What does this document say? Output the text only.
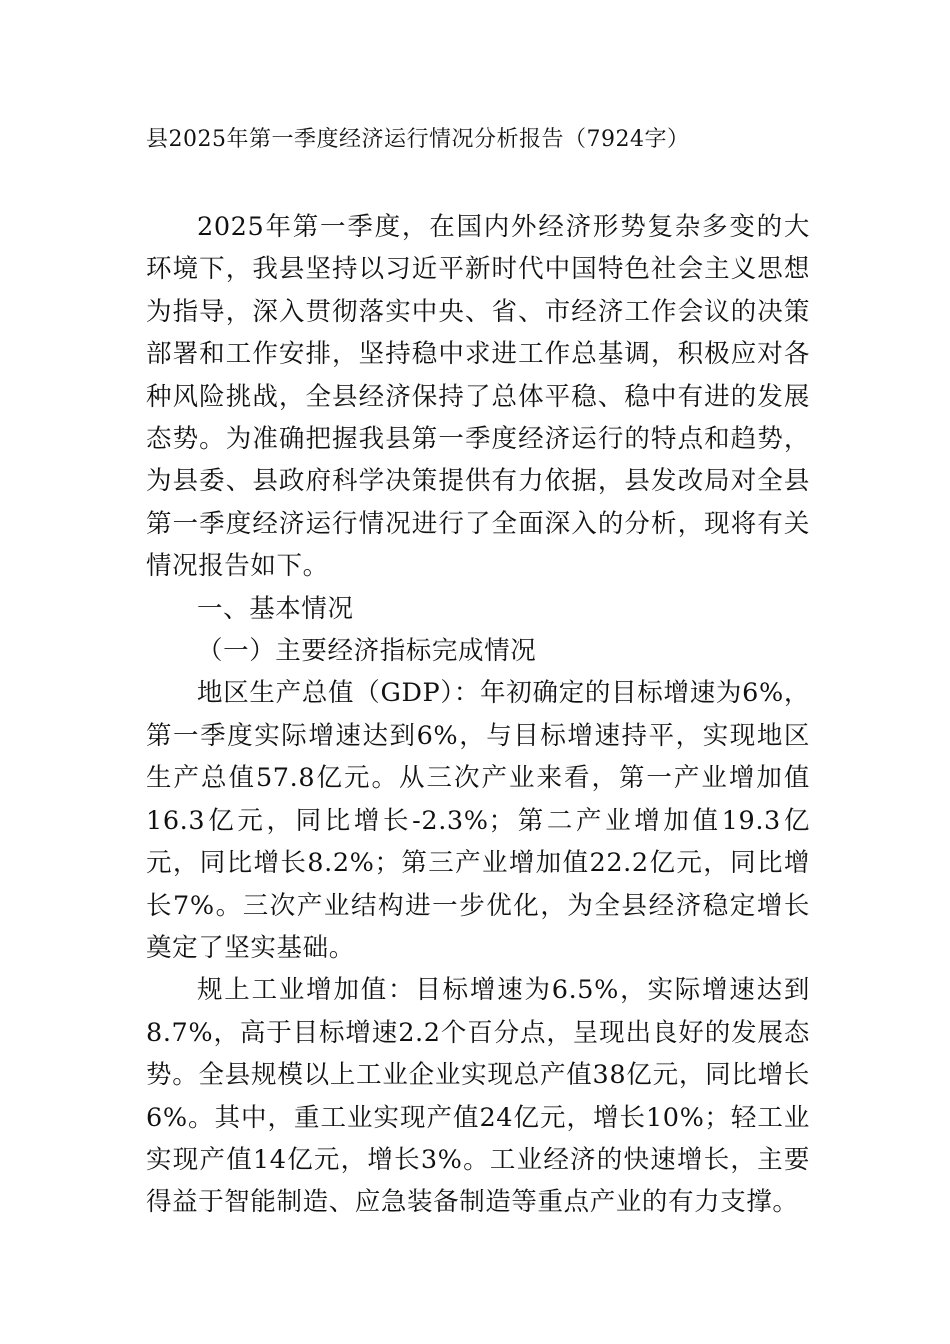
县2025年第一季度经济运行情况分析报告（7924字）

2025年第一季度，在国内外经济形势复杂多变的大环境下，我县坚持以习近平新时代中国特色社会主义思想为指导，深入贯彻落实中央、省、市经济工作会议的决策部署和工作安排，坚持稳中求进工作总基调，积极应对各种风险挑战，全县经济保持了总体平稳、稳中有进的发展态势。为准确把握我县第一季度经济运行的特点和趋势，为县委、县政府科学决策提供有力依据，县发改局对全县第一季度经济运行情况进行了全面深入的分析，现将有关情况报告如下。

一、基本情况

（一）主要经济指标完成情况

地区生产总值（GDP）：年初确定的目标增速为6%，第一季度实际增速达到6%，与目标增速持平，实现地区生产总值57.8亿元。从三次产业来看，第一产业增加值16.3亿元，同比增长-2.3%；第二产业增加值19.3亿元，同比增长8.2%；第三产业增加值22.2亿元，同比增长7%。三次产业结构进一步优化，为全县经济稳定增长奠定了坚实基础。

规上工业增加值：目标增速为6.5%，实际增速达到8.7%，高于目标增速2.2个百分点，呈现出良好的发展态势。全县规模以上工业企业实现总产值38亿元，同比增长6%。其中，重工业实现产值24亿元，增长10%；轻工业实现产值14亿元，增长3%。工业经济的快速增长，主要得益于智能制造、应急装备制造等重点产业的有力支撑。
